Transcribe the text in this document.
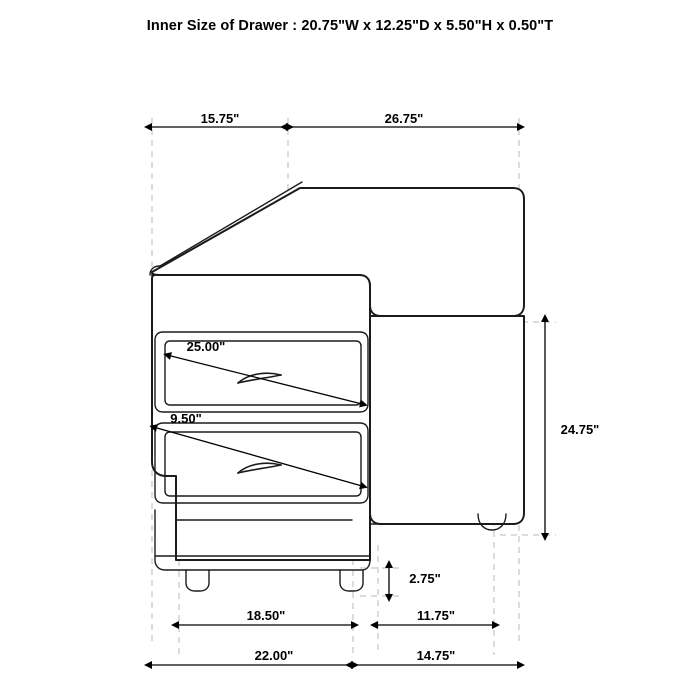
Inner Size of Drawer : 20.75"W x 12.25"D x 5.50"H x 0.50"T
15.75"	26.75"
24.75"
25.00"
9.50"
2.75"
18.50"	11.75"
22.00"	14.75"
